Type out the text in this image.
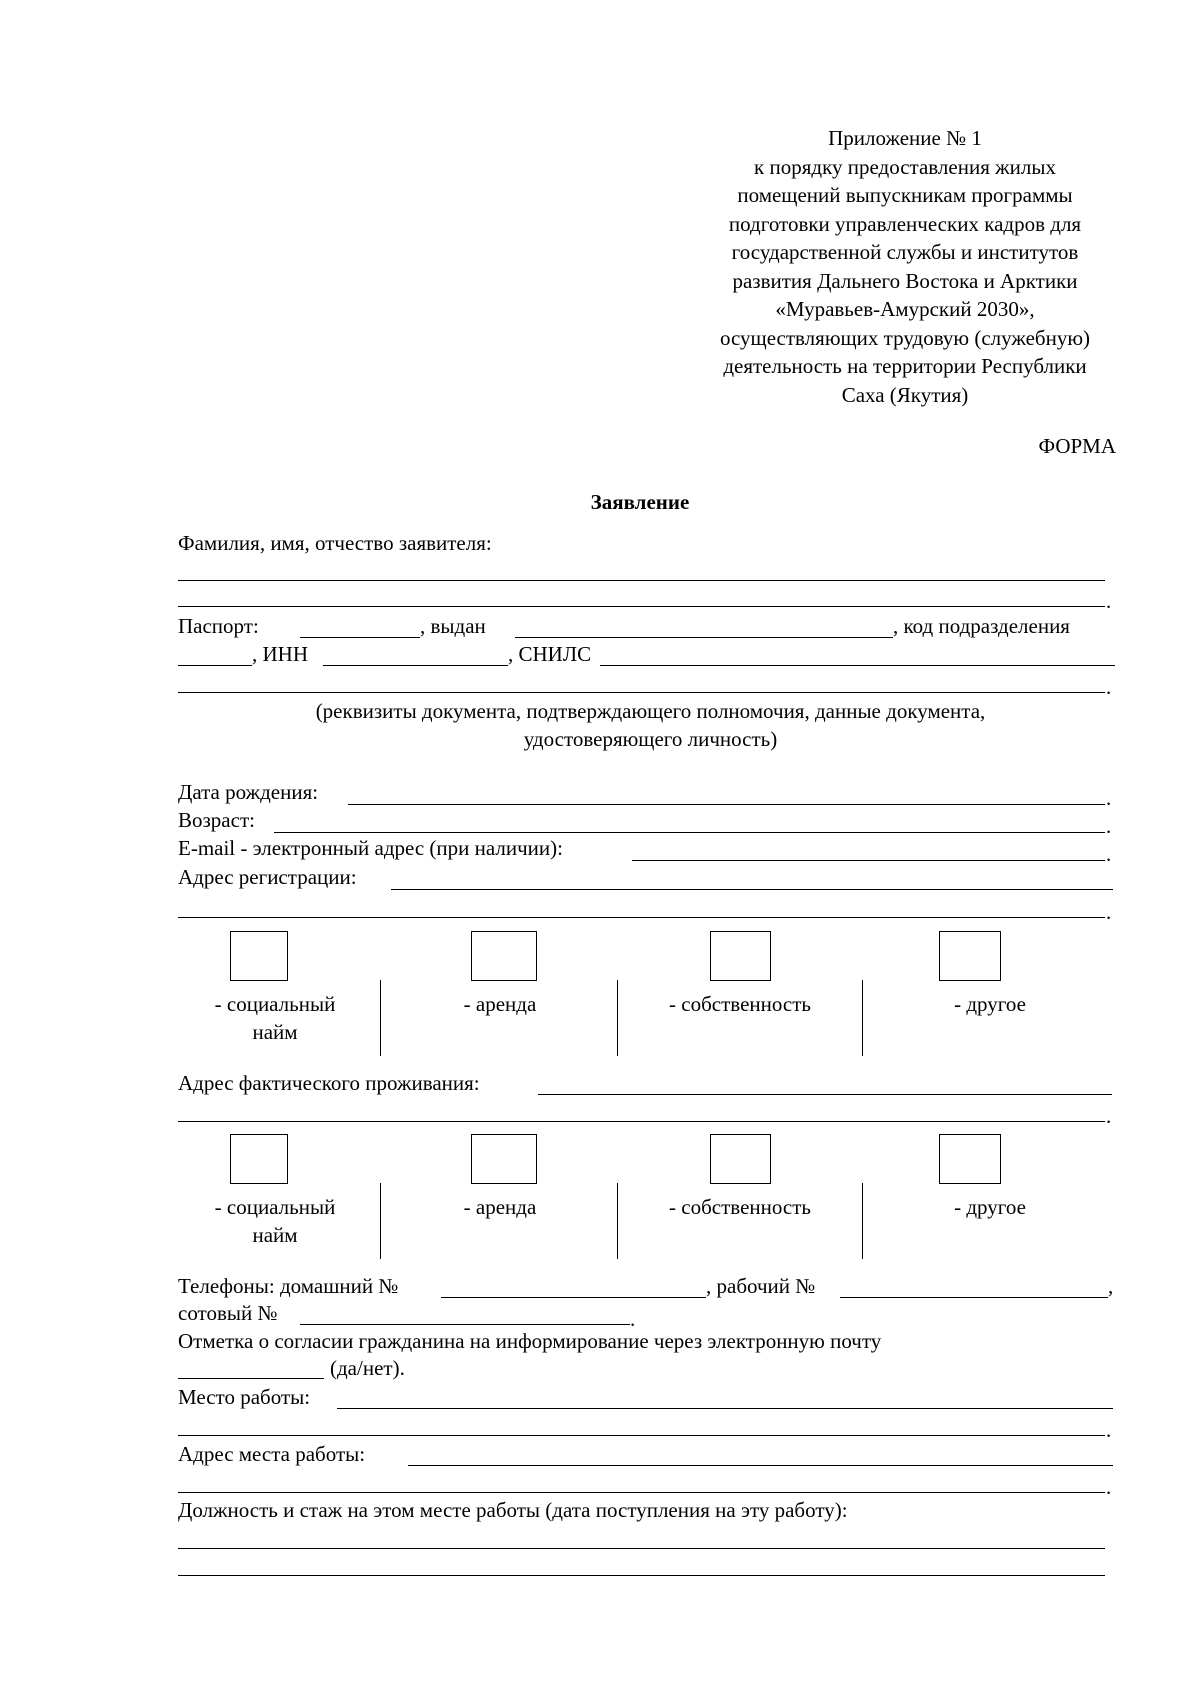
Приложение № 1
к порядку предоставления жилых
помещений выпускникам программы
подготовки управленческих кадров для
государственной службы и институтов
развития Дальнего Востока и Арктики
«Муравьев-Амурский 2030»,
осуществляющих трудовую (служебную)
деятельность на территории Республики
Саха (Якутия)
ФОРМА
Заявление
Фамилия, имя, отчество заявителя:
.
Паспорт:	, выдан	, код подразделения
, ИНН	, СНИЛС
.
(реквизиты документа, подтверждающего полномочия, данные документа,
удостоверяющего личность)
Дата рождения:	.
Возраст:	.
E-mail - электронный адрес (при наличии):	.
Адрес регистрации:
.
- социальный
найм
- аренда	- собственность	- другое
Адрес фактического проживания:
.
- социальный
найм
- аренда	- собственность	- другое
Телефоны: домашний №	, рабочий №	,
сотовый №	.
Отметка о согласии гражданина на информирование через электронную почту
(да/нет).
Место работы:
.
Адрес места работы:
.
Должность и стаж на этом месте работы (дата поступления на эту работу):
